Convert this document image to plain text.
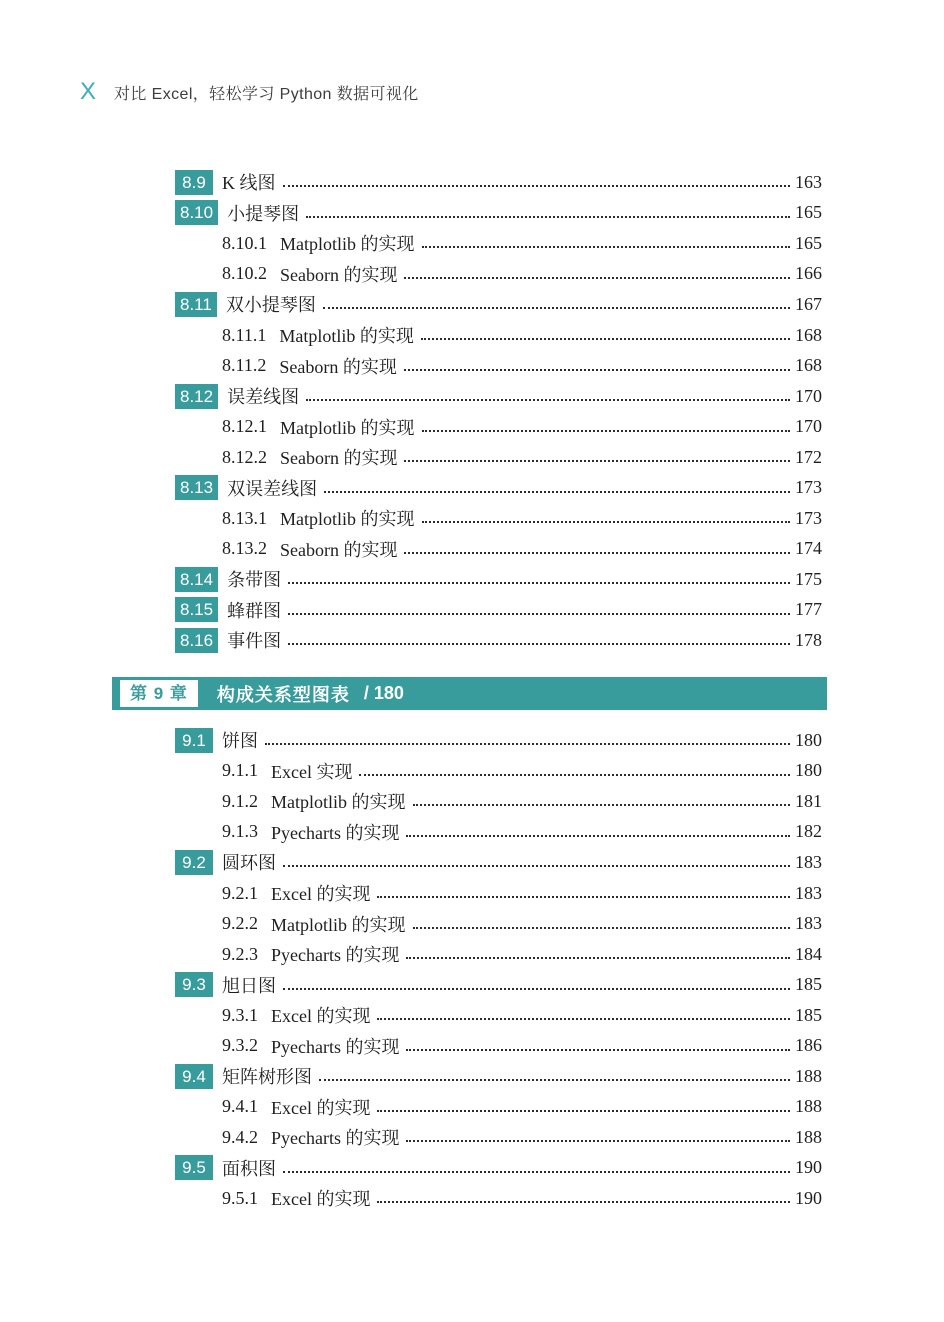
X 对比 Excel，轻松学习 Python 数据可视化
8.9 K 线图	163
8.10 小提琴图	165
8.10.1 Matplotlib 的实现	165
8.10.2 Seaborn 的实现	166
8.11 双小提琴图	167
8.11.1 Matplotlib 的实现	168
8.11.2 Seaborn 的实现	168
8.12 误差线图	170
8.12.1 Matplotlib 的实现	170
8.12.2 Seaborn 的实现	172
8.13 双误差线图	173
8.13.1 Matplotlib 的实现	173
8.13.2 Seaborn 的实现	174
8.14 条带图	175
8.15 蜂群图	177
8.16 事件图	178
第 9 章	构成关系型图表 / 180
9.1 饼图	180
9.1.1 Excel 实现	180
9.1.2 Matplotlib 的实现	181
9.1.3 Pyecharts 的实现	182
9.2 圆环图	183
9.2.1 Excel 的实现	183
9.2.2 Matplotlib 的实现	183
9.2.3 Pyecharts 的实现	184
9.3 旭日图	185
9.3.1 Excel 的实现	185
9.3.2 Pyecharts 的实现	186
9.4 矩阵树形图	188
9.4.1 Excel 的实现	188
9.4.2 Pyecharts 的实现	188
9.5 面积图	190
9.5.1 Excel 的实现	190
